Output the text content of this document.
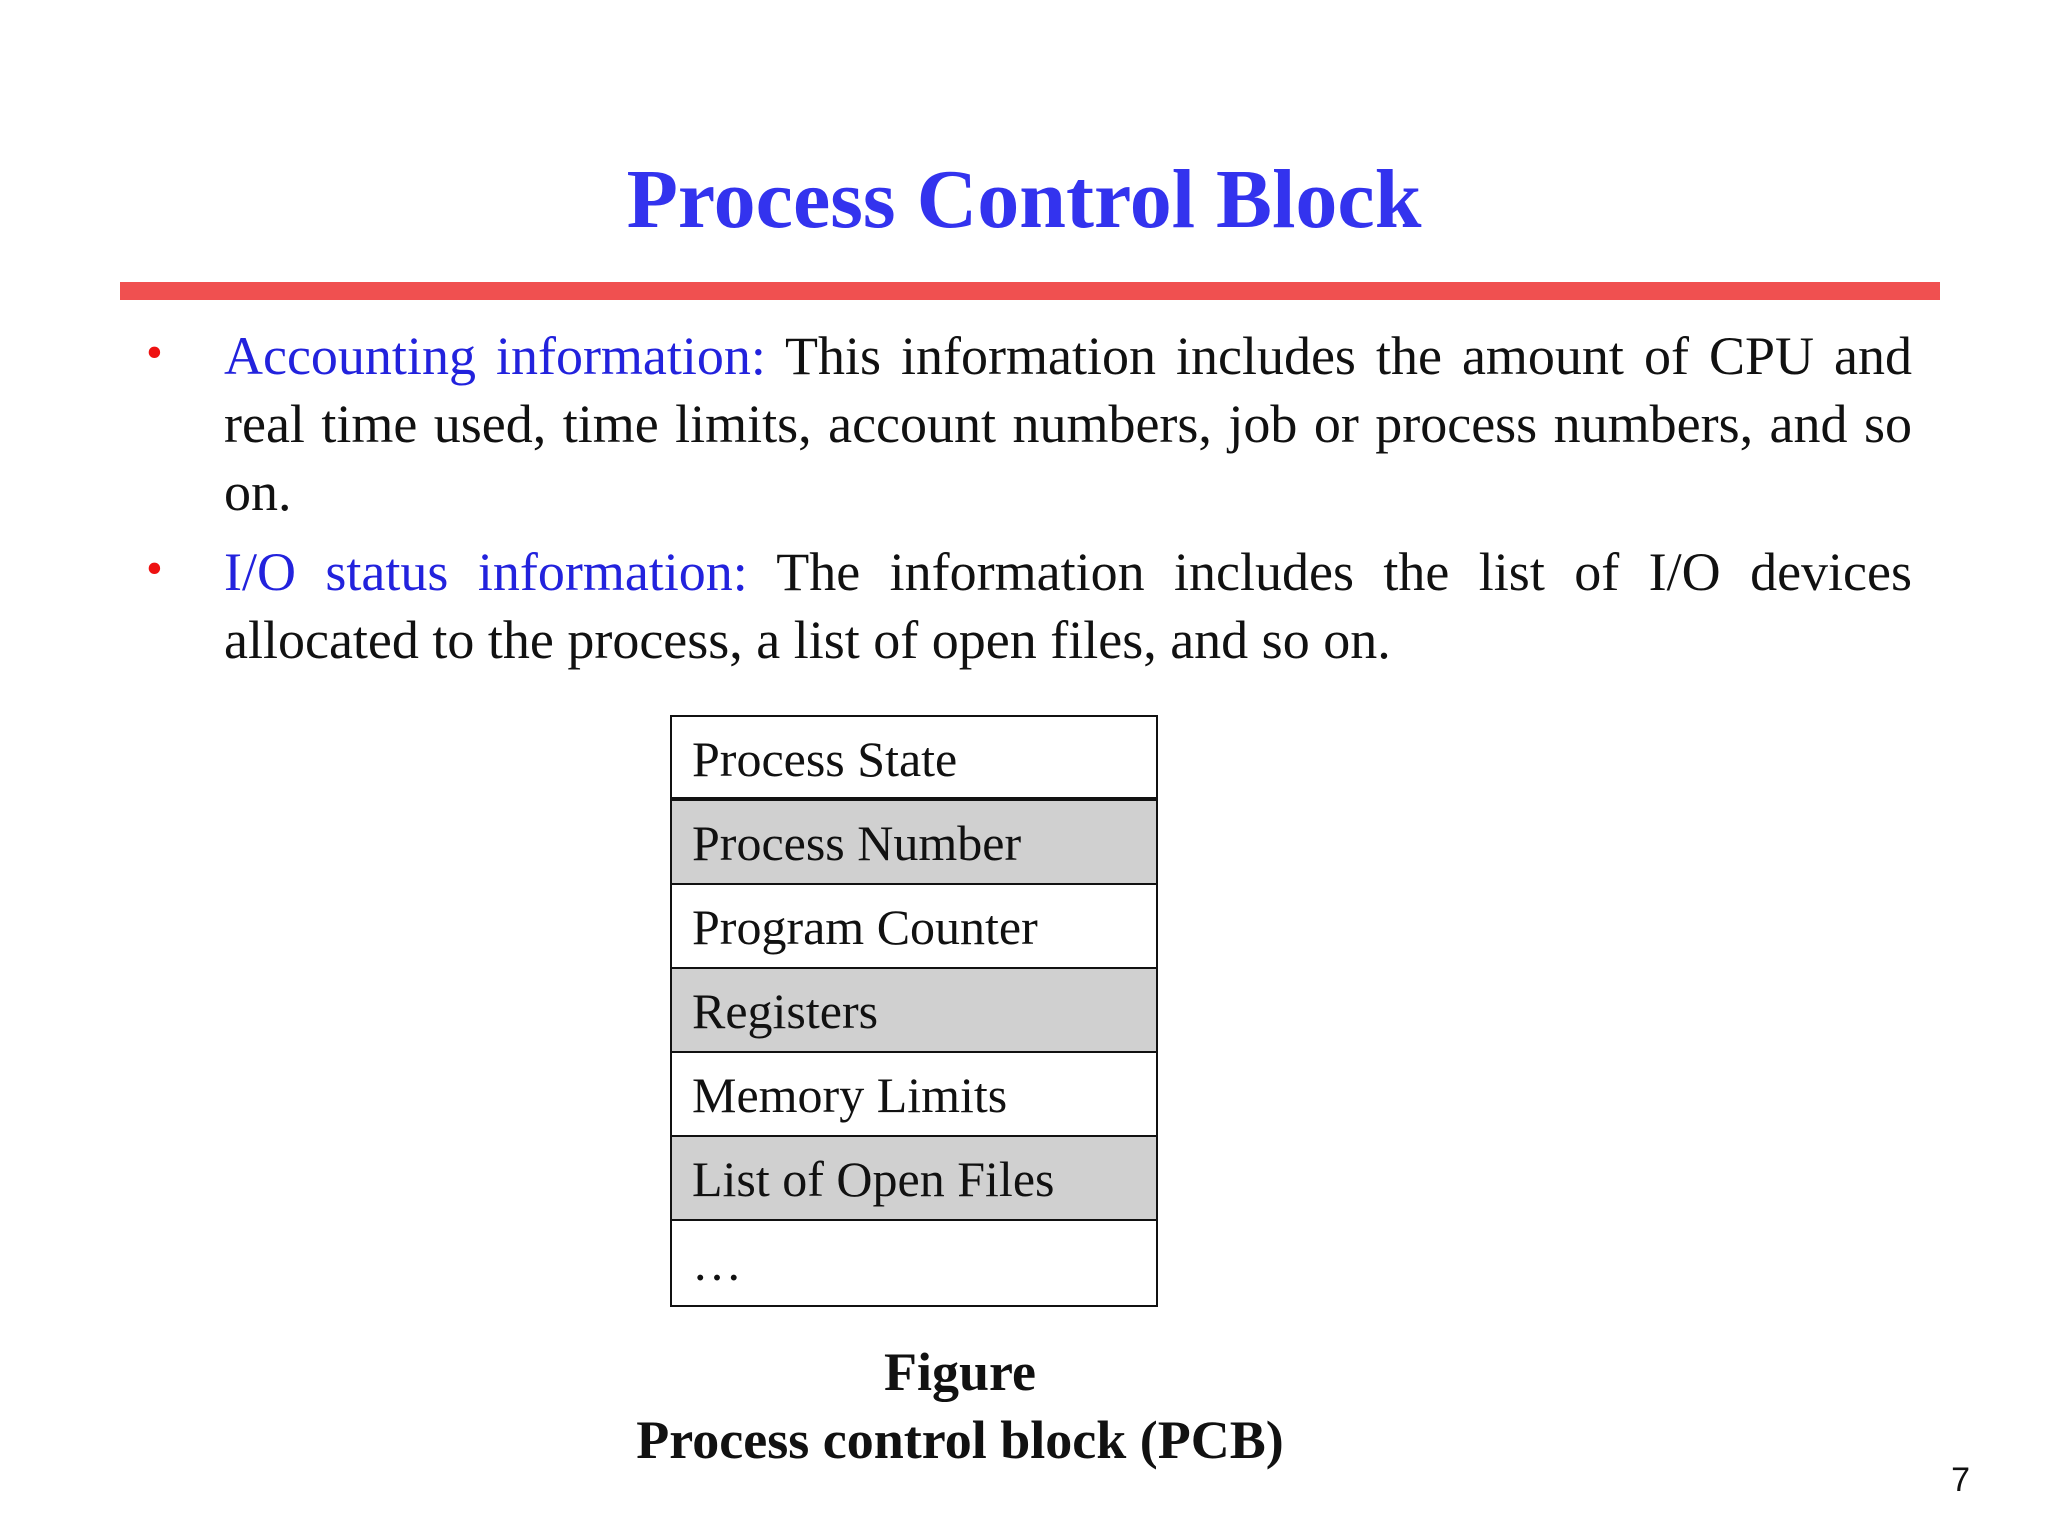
Process Control Block
• Accounting information: This information includes the amount of CPU and real time used, time limits, account numbers, job or process numbers, and so on.
• I/O status information: The information includes the list of I/O devices allocated to the process, a list of open files, and so on.
Process State
Process Number
Program Counter
Registers
Memory Limits
List of Open Files
…
Figure
Process control block (PCB)
7
